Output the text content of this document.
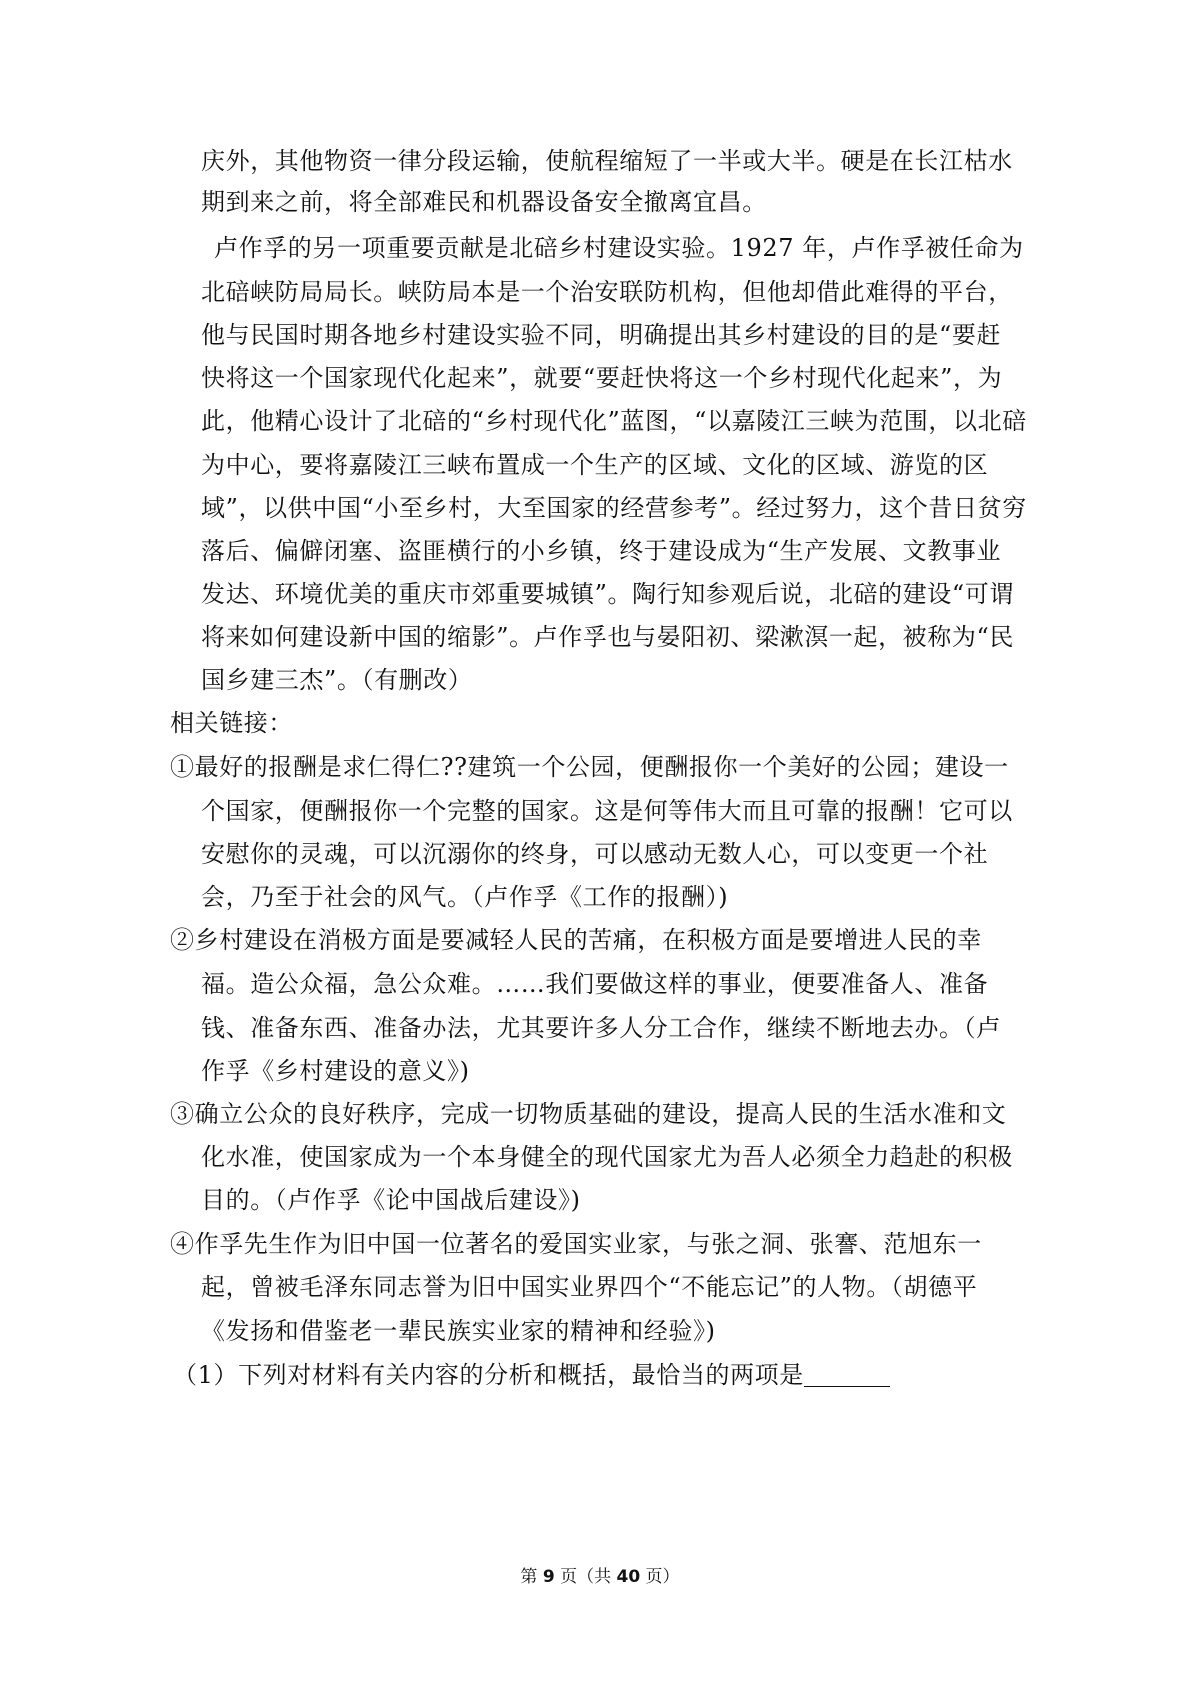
庆外，其他物资一律分段运输，使航程缩短了一半或大半。硬是在长江枯水
期到来之前，将全部难民和机器设备安全撤离宜昌。
卢作孚的另一项重要贡献是北碚乡村建设实验。1927 年，卢作孚被任命为
北碚峡防局局长。峡防局本是一个治安联防机构，但他却借此难得的平台，
他与民国时期各地乡村建设实验不同，明确提出其乡村建设的目的是“要赶
快将这一个国家现代化起来”，就要“要赶快将这一个乡村现代化起来”，为
此，他精心设计了北碚的“乡村现代化”蓝图，“以嘉陵江三峡为范围，以北碚
为中心，要将嘉陵江三峡布置成一个生产的区域、文化的区域、游览的区
域”，以供中国“小至乡村，大至国家的经营参考”。经过努力，这个昔日贫穷
落后、偏僻闭塞、盗匪横行的小乡镇，终于建设成为“生产发展、文教事业
发达、环境优美的重庆市郊重要城镇”。陶行知参观后说，北碚的建设“可谓
将来如何建设新中国的缩影”。卢作孚也与晏阳初、梁漱溟一起，被称为“民
国乡建三杰”。（有删改）
相关链接：
①最好的报酬是求仁得仁??建筑一个公园，便酬报你一个美好的公园；建设一
个国家，便酬报你一个完整的国家。这是何等伟大而且可靠的报酬！它可以
安慰你的灵魂，可以沉溺你的终身，可以感动无数人心，可以变更一个社
会，乃至于社会的风气。（卢作孚《工作的报酬）)
②乡村建设在消极方面是要减轻人民的苦痛，在积极方面是要增进人民的幸
福。造公众福，急公众难。……我们要做这样的事业，便要准备人、准备
钱、准备东西、准备办法，尤其要许多人分工合作，继续不断地去办。（卢
作孚《乡村建设的意义》)
③确立公众的良好秩序，完成一切物质基础的建设，提高人民的生活水准和文
化水准，使国家成为一个本身健全的现代国家尤为吾人必须全力趋赴的积极
目的。（卢作孚《论中国战后建设》)
④作孚先生作为旧中国一位著名的爱国实业家，与张之洞、张謇、范旭东一
起，曾被毛泽东同志誉为旧中国实业界四个“不能忘记”的人物。（胡德平
《发扬和借鉴老一辈民族实业家的精神和经验》)
（1）下列对材料有关内容的分析和概括，最恰当的两项是
第 9 页（共 40 页）
